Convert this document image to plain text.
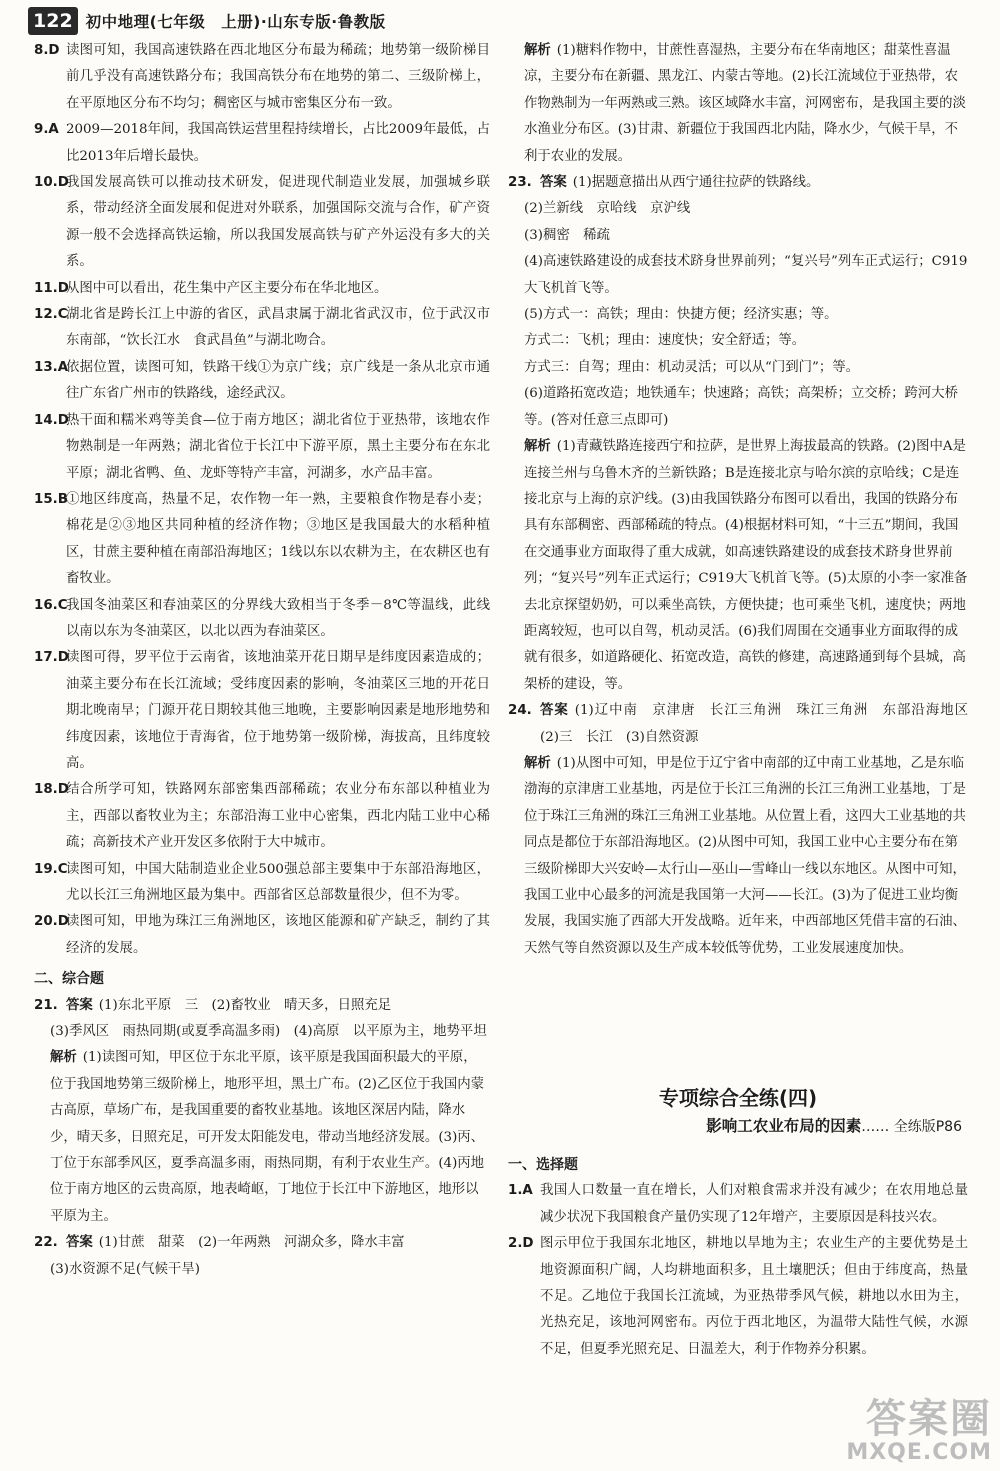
122 初中地理(七年级　上册)·山东专版·鲁教版
8.D 读图可知，我国高速铁路在西北地区分布最为稀疏；地势第一级阶梯目前几乎没有高速铁路分布；我国高铁分布在地势的第二、三级阶梯上，在平原地区分布不均匀；稠密区与城市密集区分布一致。
9.A 2009—2018年间，我国高铁运营里程持续增长，占比2009年最低，占比2013年后增长最快。
10.D
我国发展高铁可以推动技术研发，促进现代制造业发展，加强城乡联系，带动经济全面发展和促进对外联系，加强国际交流与合作，矿产资源一般不会选择高铁运输，所以我国发展高铁与矿产外运没有多大的关系。
11.D
从图中可以看出，花生集中产区主要分布在华北地区。
12.C
湖北省是跨长江上中游的省区，武昌隶属于湖北省武汉市，位于武汉市东南部，“饮长江水　食武昌鱼”与湖北吻合。
13.A
依据位置，读图可知，铁路干线①为京广线；京广线是一条从北京市通往广东省广州市的铁路线，途经武汉。
14.D
热干面和糯米鸡等美食—位于南方地区；湖北省位于亚热带，该地农作物熟制是一年两熟；湖北省位于长江中下游平原，黑土主要分布在东北平原；湖北省鸭、鱼、龙虾等特产丰富，河湖多，水产品丰富。
15.B
①地区纬度高，热量不足，农作物一年一熟，主要粮食作物是春小麦；棉花是②③地区共同种植的经济作物；③地区是我国最大的水稻种植区，甘蔗主要种植在南部沿海地区；1线以东以农耕为主，在农耕区也有畜牧业。
16.C
我国冬油菜区和春油菜区的分界线大致相当于冬季－8℃等温线，此线以南以东为冬油菜区，以北以西为春油菜区。
17.D
读图可得，罗平位于云南省，该地油菜开花日期早是纬度因素造成的；油菜主要分布在长江流域；受纬度因素的影响，冬油菜区三地的开花日期北晚南早；门源开花日期较其他三地晚，主要影响因素是地形地势和纬度因素，该地位于青海省，位于地势第一级阶梯，海拔高，且纬度较高。
18.D
结合所学可知，铁路网东部密集西部稀疏；农业分布东部以种植业为主，西部以畜牧业为主；东部沿海工业中心密集，西北内陆工业中心稀疏；高新技术产业开发区多依附于大中城市。
19.C
读图可知，中国大陆制造业企业500强总部主要集中于东部沿海地区，尤以长江三角洲地区最为集中。西部省区总部数量很少，但不为零。
20.D
读图可知，甲地为珠江三角洲地区，该地区能源和矿产缺乏，制约了其经济的发展。
二、综合题
21. 答案 (1)东北平原　三　(2)畜牧业　晴天多，日照充足
(3)季风区　雨热同期(或夏季高温多雨)　(4)高原　以平原为主，地势平坦
解析 (1)读图可知，甲区位于东北平原，该平原是我国面积最大的平原，位于我国地势第三级阶梯上，地形平坦，黑土广布。(2)乙区位于我国内蒙古高原，草场广布，是我国重要的畜牧业基地。该地区深居内陆，降水少，晴天多，日照充足，可开发太阳能发电，带动当地经济发展。(3)丙、丁位于东部季风区，夏季高温多雨，雨热同期，有利于农业生产。(4)丙地位于南方地区的云贵高原，地表崎岖，丁地位于长江中下游地区，地形以平原为主。
22. 答案 (1)甘蔗　甜菜　(2)一年两熟　河湖众多，降水丰富
(3)水资源不足(气候干旱)
解析 (1)糖料作物中，甘蔗性喜湿热，主要分布在华南地区；甜菜性喜温凉，主要分布在新疆、黑龙江、内蒙古等地。(2)长江流域位于亚热带，农作物熟制为一年两熟或三熟。该区域降水丰富，河网密布，是我国主要的淡水渔业分布区。(3)甘肃、新疆位于我国西北内陆，降水少，气候干旱，不利于农业的发展。
23. 答案 (1)据题意描出从西宁通往拉萨的铁路线。
(2)兰新线　京哈线　京沪线
(3)稠密　稀疏
(4)高速铁路建设的成套技术跻身世界前列；“复兴号”列车正式运行；C919大飞机首飞等。
(5)方式一：高铁；理由：快捷方便；经济实惠；等。
方式二：飞机；理由：速度快；安全舒适；等。
方式三：自驾；理由：机动灵活；可以从“门到门”；等。
(6)道路拓宽改造；地铁通车；快速路；高铁；高架桥；立交桥；跨河大桥等。(答对任意三点即可)
解析 (1)青藏铁路连接西宁和拉萨，是世界上海拔最高的铁路。(2)图中A是连接兰州与乌鲁木齐的兰新铁路；B是连接北京与哈尔滨的京哈线；C是连接北京与上海的京沪线。(3)由我国铁路分布图可以看出，我国的铁路分布具有东部稠密、西部稀疏的特点。(4)根据材料可知，“十三五”期间，我国在交通事业方面取得了重大成就，如高速铁路建设的成套技术跻身世界前列；“复兴号”列车正式运行；C919大飞机首飞等。(5)太原的小李一家准备去北京探望奶奶，可以乘坐高铁，方便快捷；也可乘坐飞机，速度快；两地距离较短，也可以自驾，机动灵活。(6)我们周围在交通事业方面取得的成就有很多，如道路硬化、拓宽改造，高铁的修建，高速路通到每个县城，高架桥的建设，等。
24. 答案 (1)辽中南　京津唐　长江三角洲　珠江三角洲　东部沿海地区　(2)三　长江　(3)自然资源
解析 (1)从图中可知，甲是位于辽宁省中南部的辽中南工业基地，乙是东临渤海的京津唐工业基地，丙是位于长江三角洲的长江三角洲工业基地，丁是位于珠江三角洲的珠江三角洲工业基地。从位置上看，这四大工业基地的共同点是都位于东部沿海地区。(2)从图中可知，我国工业中心主要分布在第三级阶梯即大兴安岭—太行山—巫山—雪峰山一线以东地区。从图中可知，我国工业中心最多的河流是我国第一大河——长江。(3)为了促进工业均衡发展，我国实施了西部大开发战略。近年来，中西部地区凭借丰富的石油、天然气等自然资源以及生产成本较低等优势，工业发展速度加快。
专项综合全练(四)
影响工农业布局的因素…… 全练版P86
一、选择题
1.A 我国人口数量一直在增长，人们对粮食需求并没有减少；在农用地总量减少状况下我国粮食产量仍实现了12年增产，主要原因是科技兴农。
2.D 图示甲位于我国东北地区，耕地以旱地为主；农业生产的主要优势是土地资源面积广阔，人均耕地面积多，且土壤肥沃；但由于纬度高，热量不足。乙地位于我国长江流域，为亚热带季风气候，耕地以水田为主，光热充足，该地河网密布。丙位于西北地区，为温带大陆性气候，水源不足，但夏季光照充足、日温差大，利于作物养分积累。
答案圈
MXQE.COM
